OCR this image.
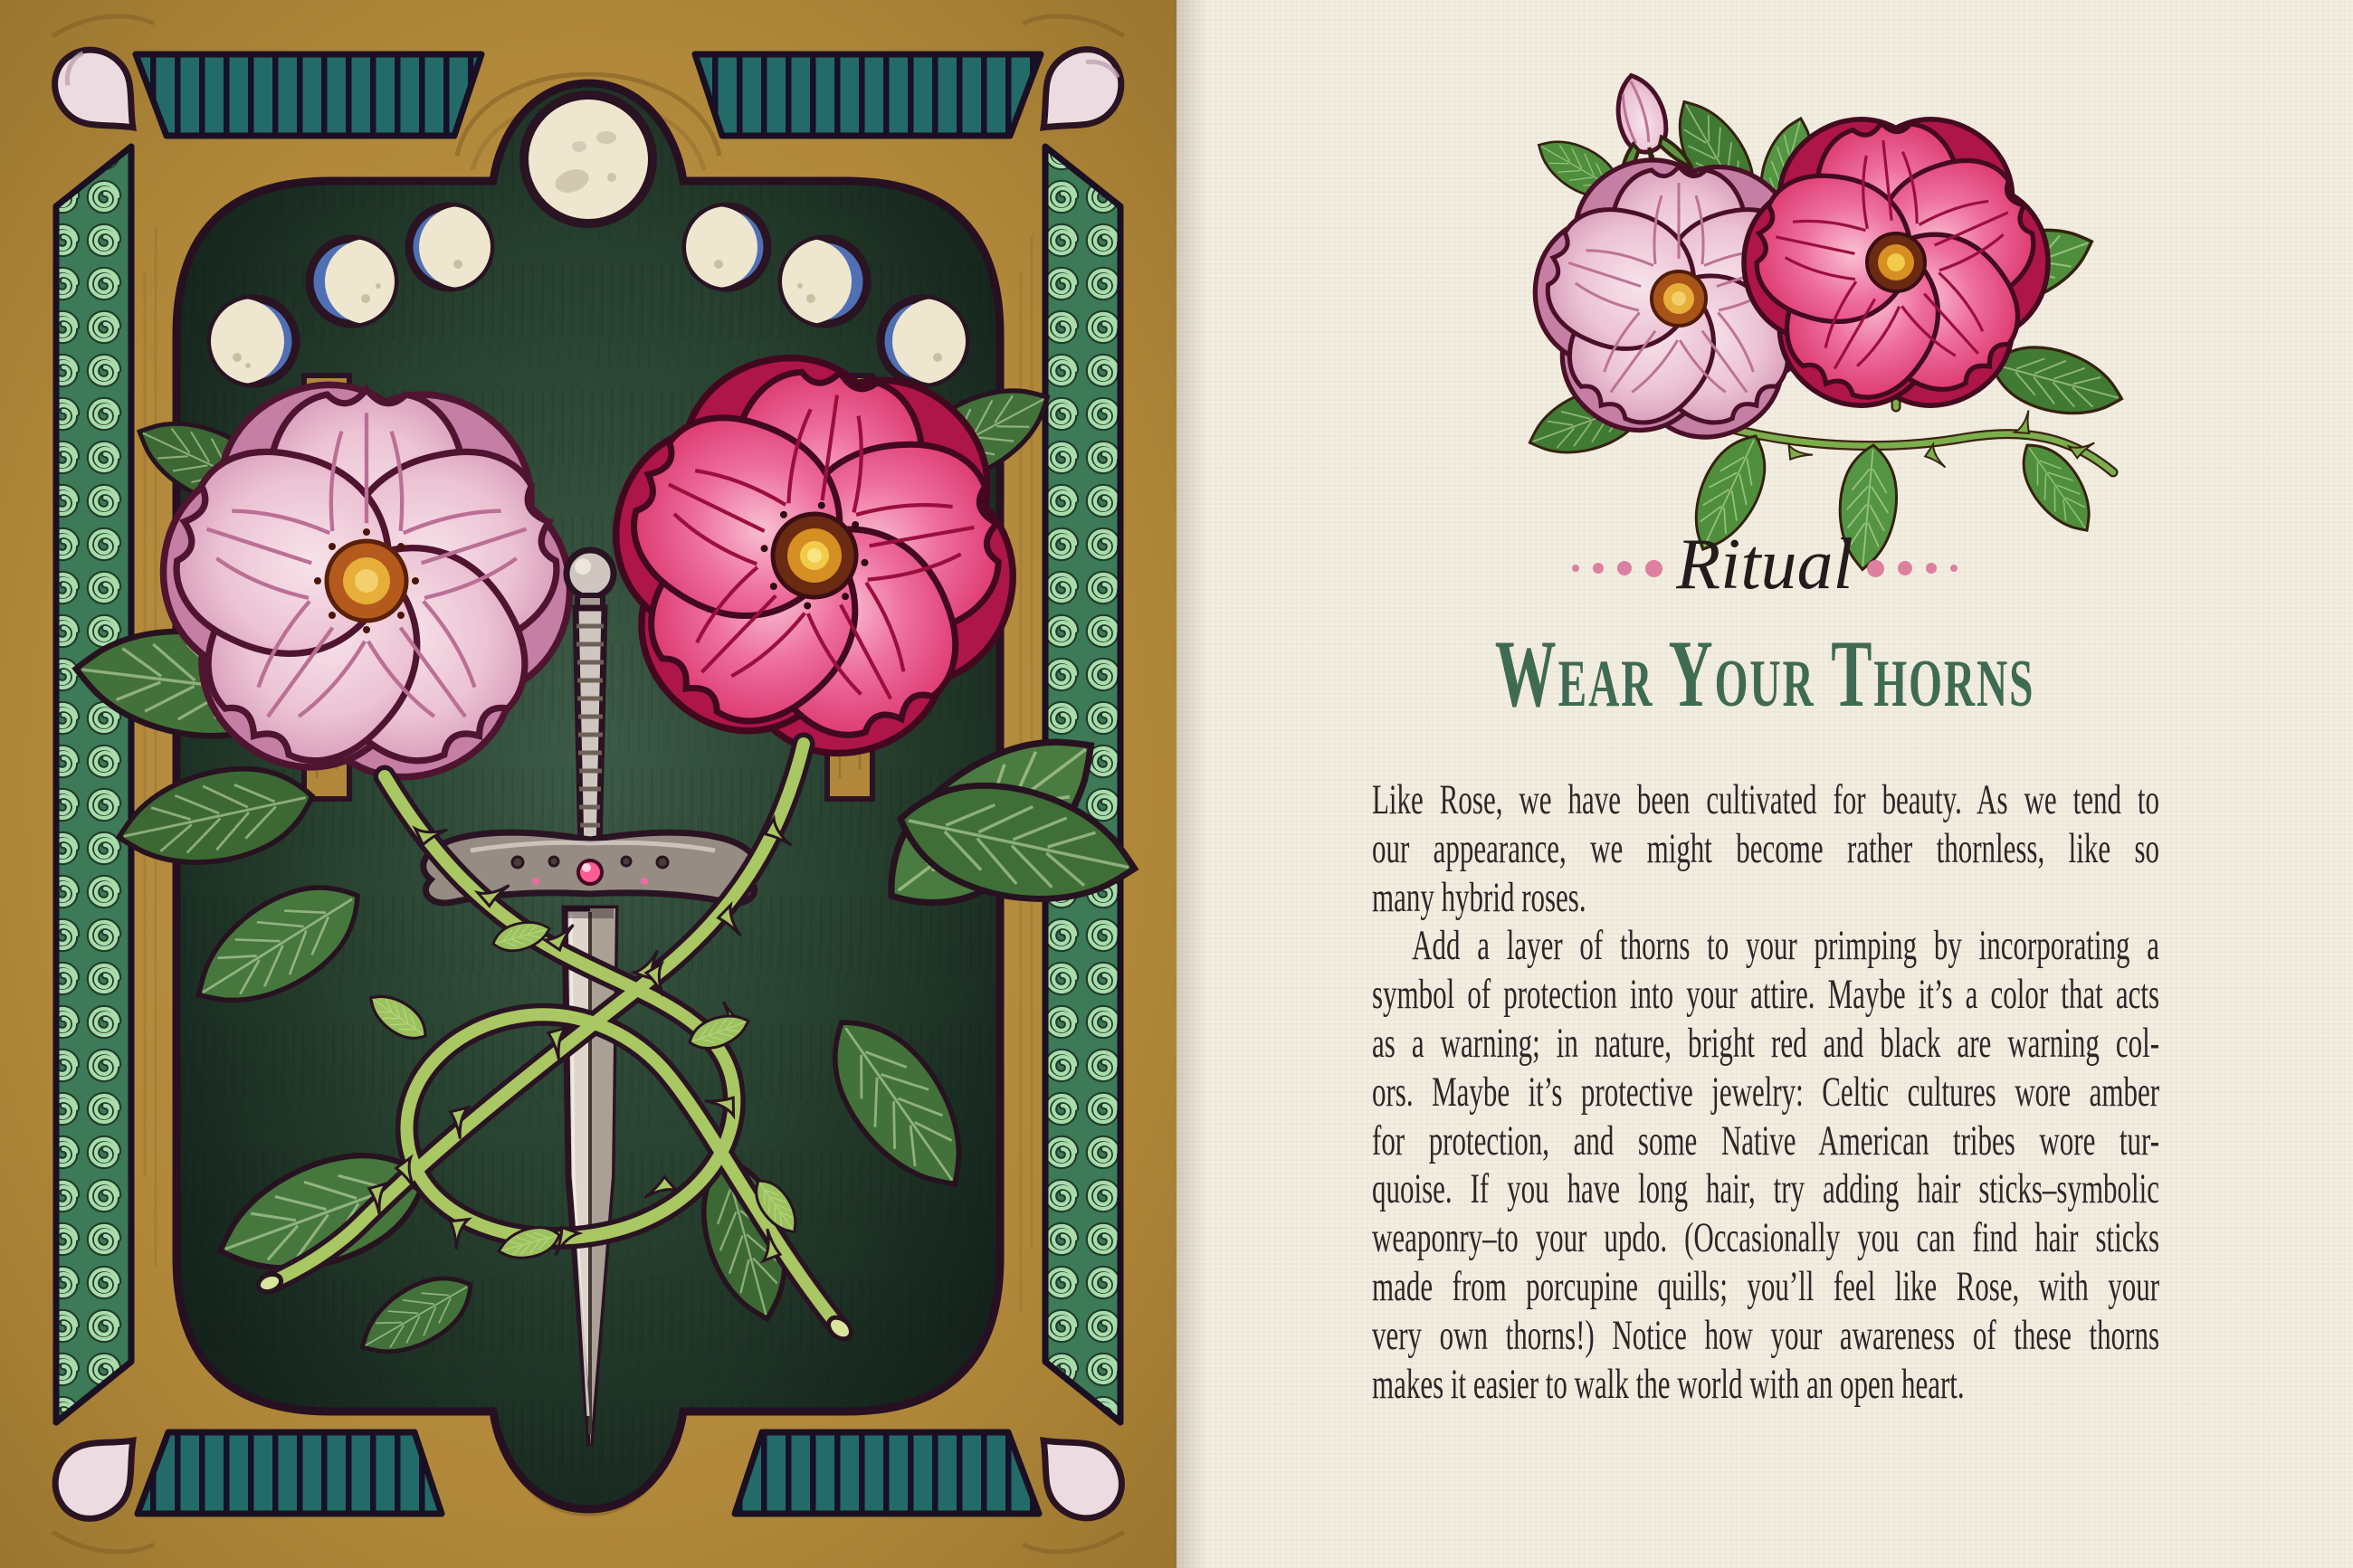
Ritual
Wear Your Thorns
Like Rose, we have been cultivated for beauty. As we tend to
our appearance, we might become rather thornless, like so
many hybrid roses.
Add a layer of thorns to your primping by incorporating a
symbol of protection into your attire. Maybe it’s a color that acts
as a warning; in nature, bright red and black are warning col-
ors. Maybe it’s protective jewelry: Celtic cultures wore amber
for protection, and some Native American tribes wore tur-
quoise. If you have long hair, try adding hair sticks–symbolic
weaponry–to your updo. (Occasionally you can find hair sticks
made from porcupine quills; you’ll feel like Rose, with your
very own thorns!) Notice how your awareness of these thorns
makes it easier to walk the world with an open heart.
